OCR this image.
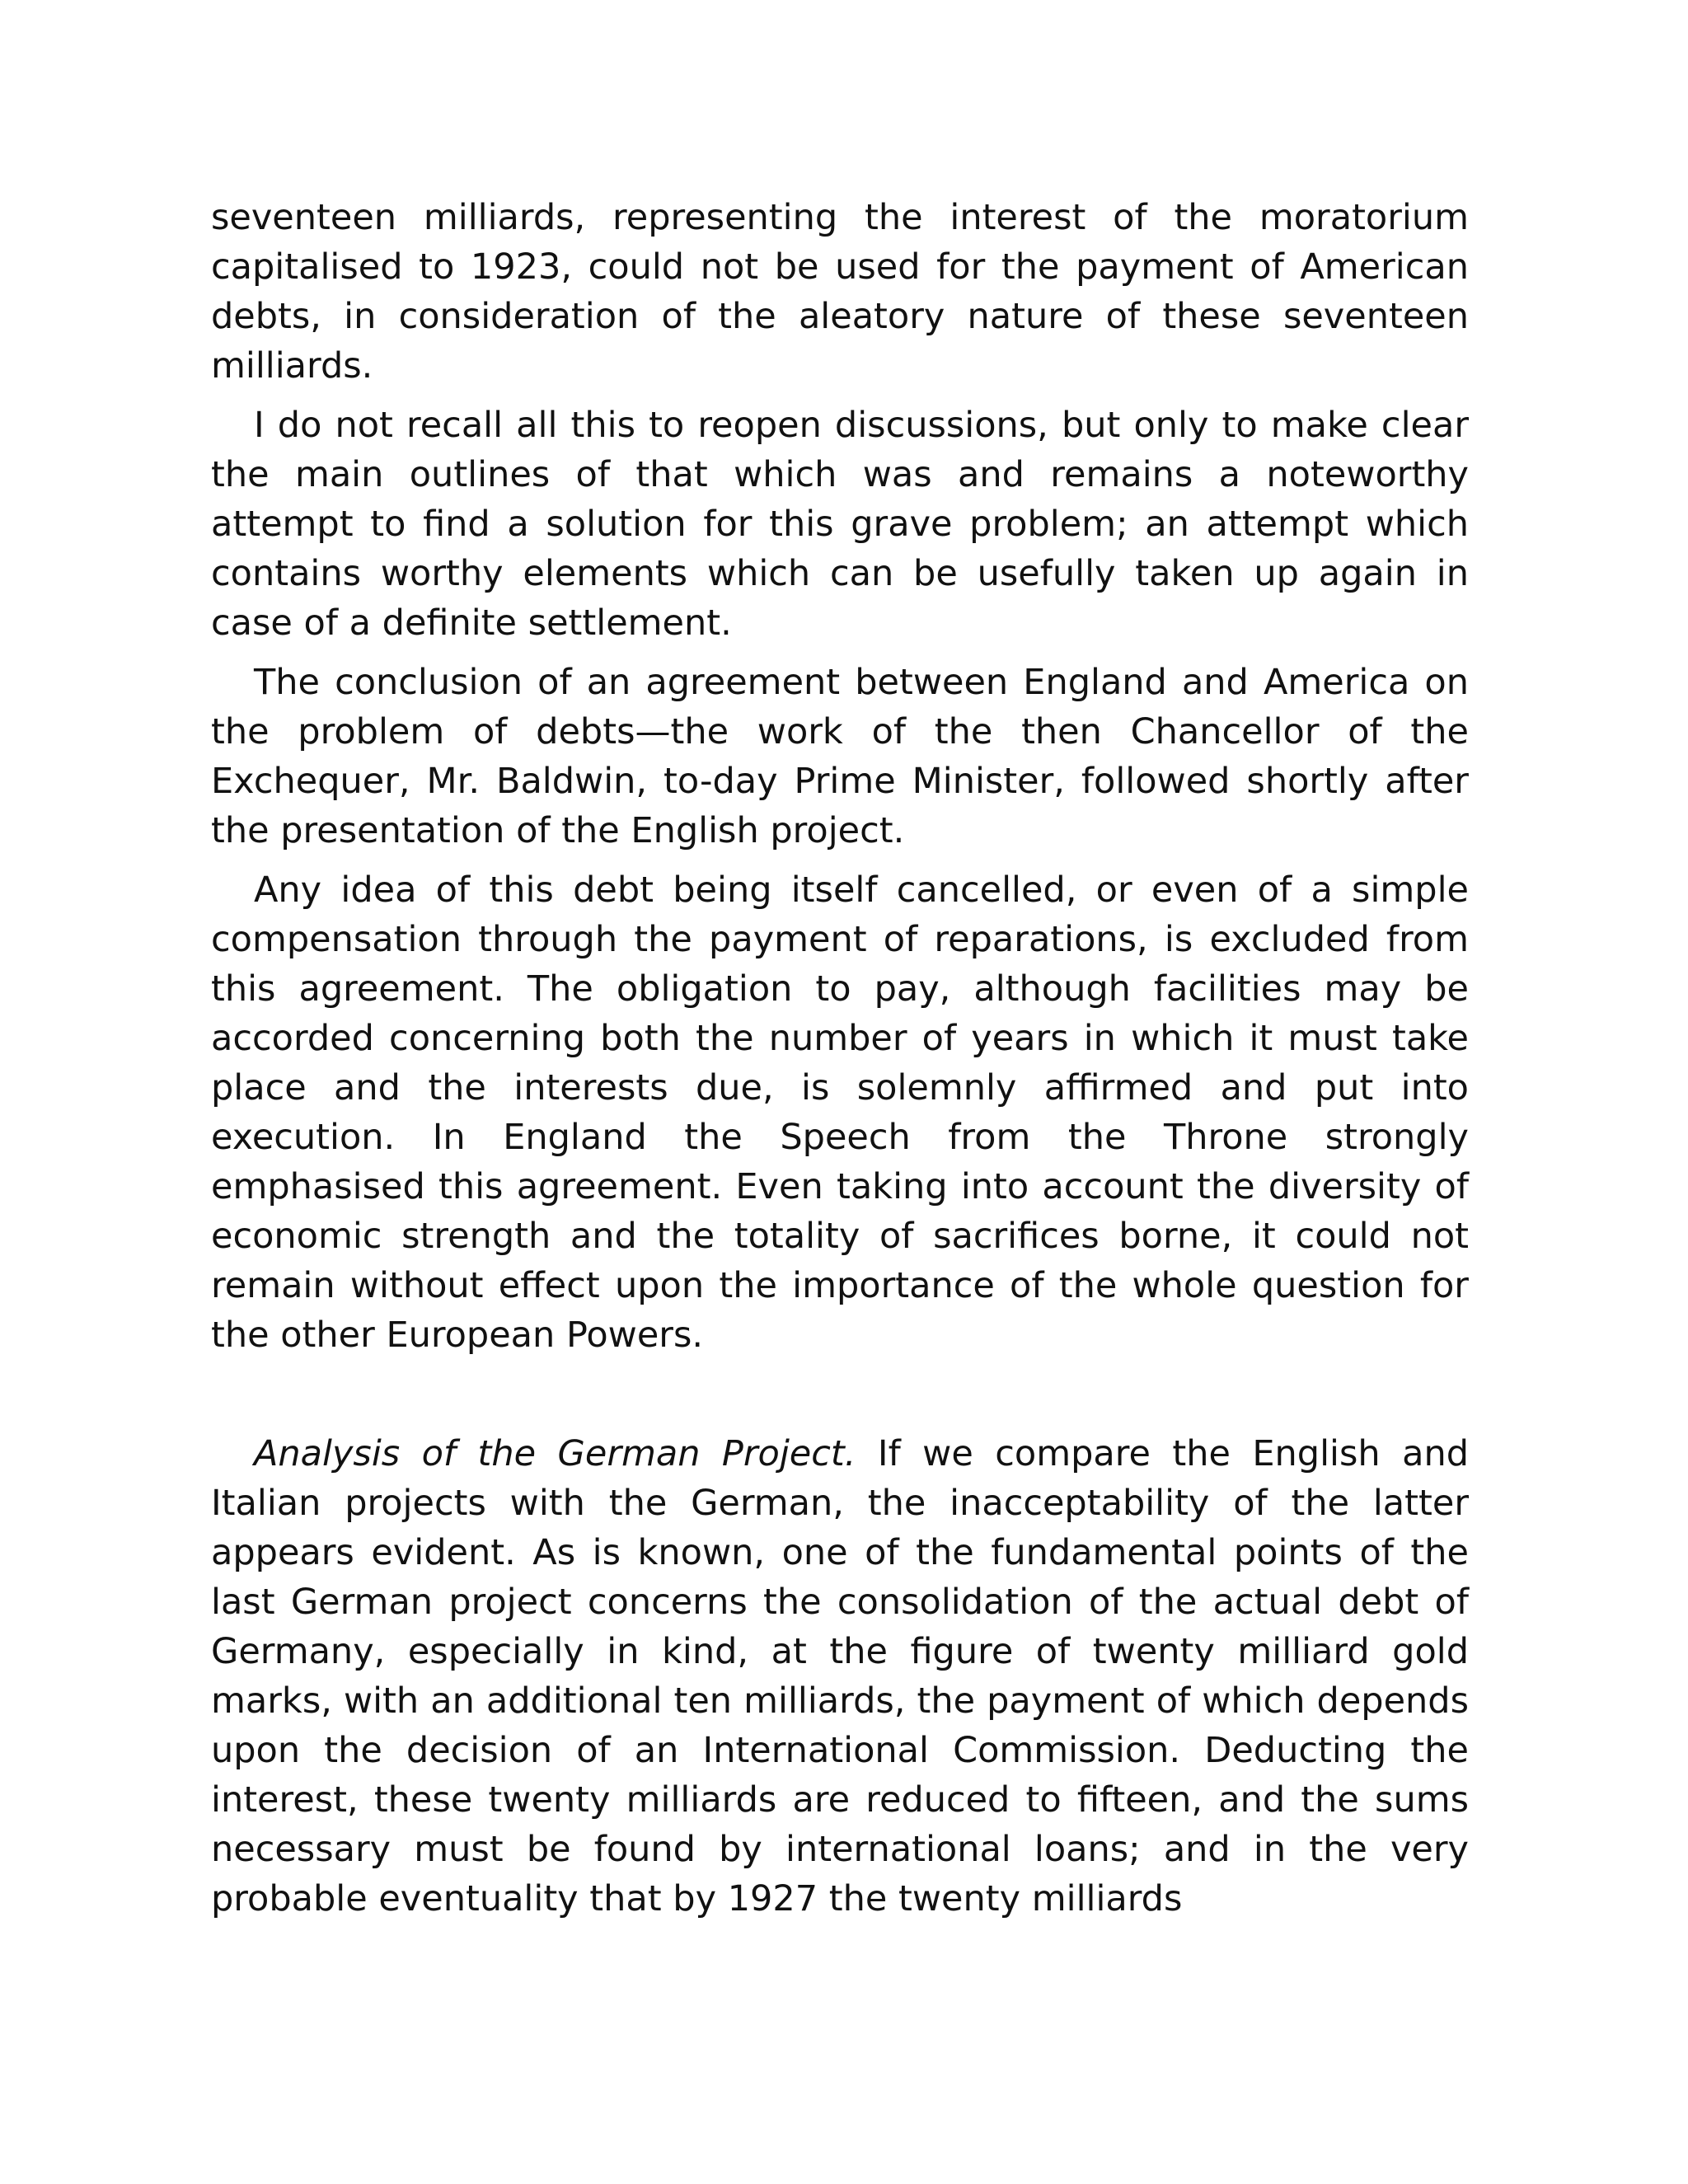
seventeen milliards, representing the interest of the moratorium capitalised to 1923, could not be used for the payment of American debts, in consideration of the aleatory nature of these seventeen milliards.

I do not recall all this to reopen discussions, but only to make clear the main outlines of that which was and remains a noteworthy attempt to find a solution for this grave problem; an attempt which contains worthy elements which can be usefully taken up again in case of a definite settlement.

The conclusion of an agreement between England and America on the problem of debts—the work of the then Chancellor of the Exchequer, Mr. Baldwin, to-day Prime Minister, followed shortly after the presentation of the English project.

Any idea of this debt being itself cancelled, or even of a simple compensation through the payment of reparations, is excluded from this agreement. The obligation to pay, although facilities may be accorded concerning both the number of years in which it must take place and the interests due, is solemnly affirmed and put into execution. In England the Speech from the Throne strongly emphasised this agreement. Even taking into account the diversity of economic strength and the totality of sacrifices borne, it could not remain without effect upon the importance of the whole question for the other European Powers.

Analysis of the German Project. If we compare the English and Italian projects with the German, the inacceptability of the latter appears evident. As is known, one of the fundamental points of the last German project concerns the consolidation of the actual debt of Germany, especially in kind, at the figure of twenty milliard gold marks, with an additional ten milliards, the payment of which depends upon the decision of an International Commission. Deducting the interest, these twenty milliards are reduced to fifteen, and the sums necessary must be found by international loans; and in the very probable eventuality that by 1927 the twenty milliards
